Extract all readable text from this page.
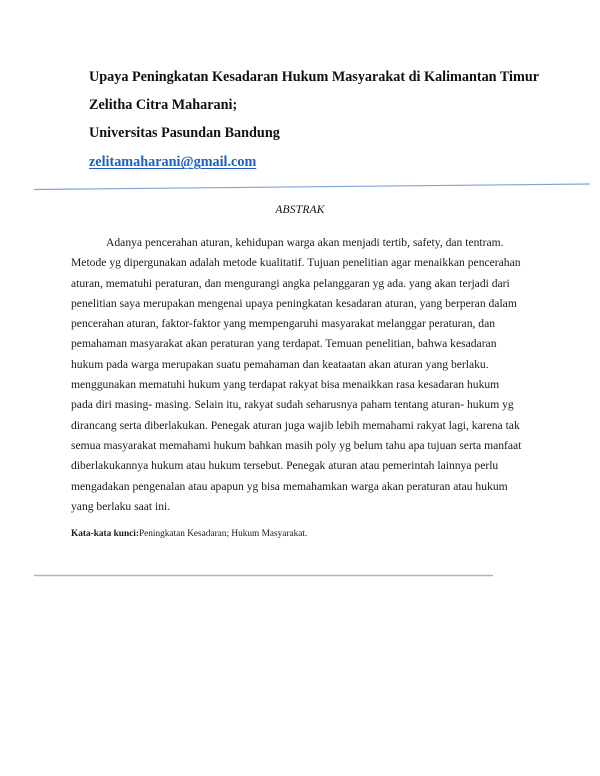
Upaya Peningkatan Kesadaran Hukum Masyarakat di Kalimantan Timur
Zelitha Citra Maharani;
Universitas Pasundan Bandung
zelitamaharani@gmail.com
ABSTRAK
Adanya pencerahan aturan, kehidupan warga akan menjadi tertib, safety, dan tentram.
Metode yg dipergunakan adalah metode kualitatif. Tujuan penelitian agar menaikkan pencerahan
aturan, mematuhi peraturan, dan mengurangi angka pelanggaran yg ada. yang akan terjadi dari
penelitian saya merupakan mengenai upaya peningkatan kesadaran aturan, yang berperan dalam
pencerahan aturan, faktor-faktor yang mempengaruhi masyarakat melanggar peraturan, dan
pemahaman masyarakat akan peraturan yang terdapat. Temuan penelitian, bahwa kesadaran
hukum pada warga merupakan suatu pemahaman dan keataatan akan aturan yang berlaku.
menggunakan mematuhi hukum yang terdapat rakyat bisa menaikkan rasa kesadaran hukum
pada diri masing- masing. Selain itu, rakyat sudah seharusnya paham tentang aturan- hukum yg
dirancang serta diberlakukan. Penegak aturan juga wajib lebih memahami rakyat lagi, karena tak
semua masyarakat memahami hukum bahkan masih poly yg belum tahu apa tujuan serta manfaat
diberlakukannya hukum atau hukum tersebut. Penegak aturan atau pemerintah lainnya perlu
mengadakan pengenalan atau apapun yg bisa memahamkan warga akan peraturan atau hukum
yang berlaku saat ini.
Kata-kata kunci:Peningkatan Kesadaran; Hukum Masyarakat.
